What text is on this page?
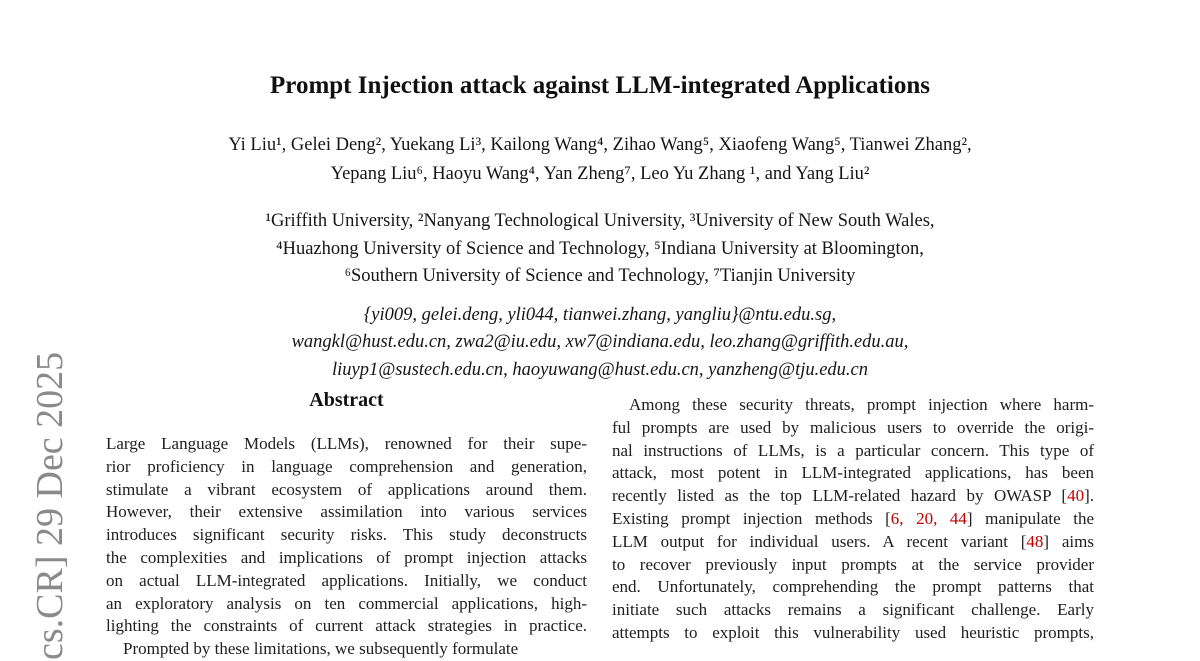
cs.CR] 29 Dec 2025
Prompt Injection attack against LLM-integrated Applications
Yi Liu¹, Gelei Deng², Yuekang Li³, Kailong Wang⁴, Zihao Wang⁵, Xiaofeng Wang⁵, Tianwei Zhang²,
Yepang Liu⁶, Haoyu Wang⁴, Yan Zheng⁷, Leo Yu Zhang ¹, and Yang Liu²
¹Griffith University, ²Nanyang Technological University, ³University of New South Wales,
⁴Huazhong University of Science and Technology, ⁵Indiana University at Bloomington,
⁶Southern University of Science and Technology, ⁷Tianjin University
{yi009, gelei.deng, yli044, tianwei.zhang, yangliu}@ntu.edu.sg,
wangkl@hust.edu.cn, zwa2@iu.edu, xw7@indiana.edu, leo.zhang@griffith.edu.au,
liuyp1@sustech.edu.cn, haoyuwang@hust.edu.cn, yanzheng@tju.edu.cn
Abstract
Large Language Models (LLMs), renowned for their supe-
rior proficiency in language comprehension and generation,
stimulate a vibrant ecosystem of applications around them.
However, their extensive assimilation into various services
introduces significant security risks. This study deconstructs
the complexities and implications of prompt injection attacks
on actual LLM-integrated applications. Initially, we conduct
an exploratory analysis on ten commercial applications, high-
lighting the constraints of current attack strategies in practice.
Prompted by these limitations, we subsequently formulate
Among these security threats, prompt injection where harm-
ful prompts are used by malicious users to override the origi-
nal instructions of LLMs, is a particular concern. This type of
attack, most potent in LLM-integrated applications, has been
recently listed as the top LLM-related hazard by OWASP [40].
Existing prompt injection methods [6, 20, 44] manipulate the
LLM output for individual users. A recent variant [48] aims
to recover previously input prompts at the service provider
end. Unfortunately, comprehending the prompt patterns that
initiate such attacks remains a significant challenge. Early
attempts to exploit this vulnerability used heuristic prompts,
